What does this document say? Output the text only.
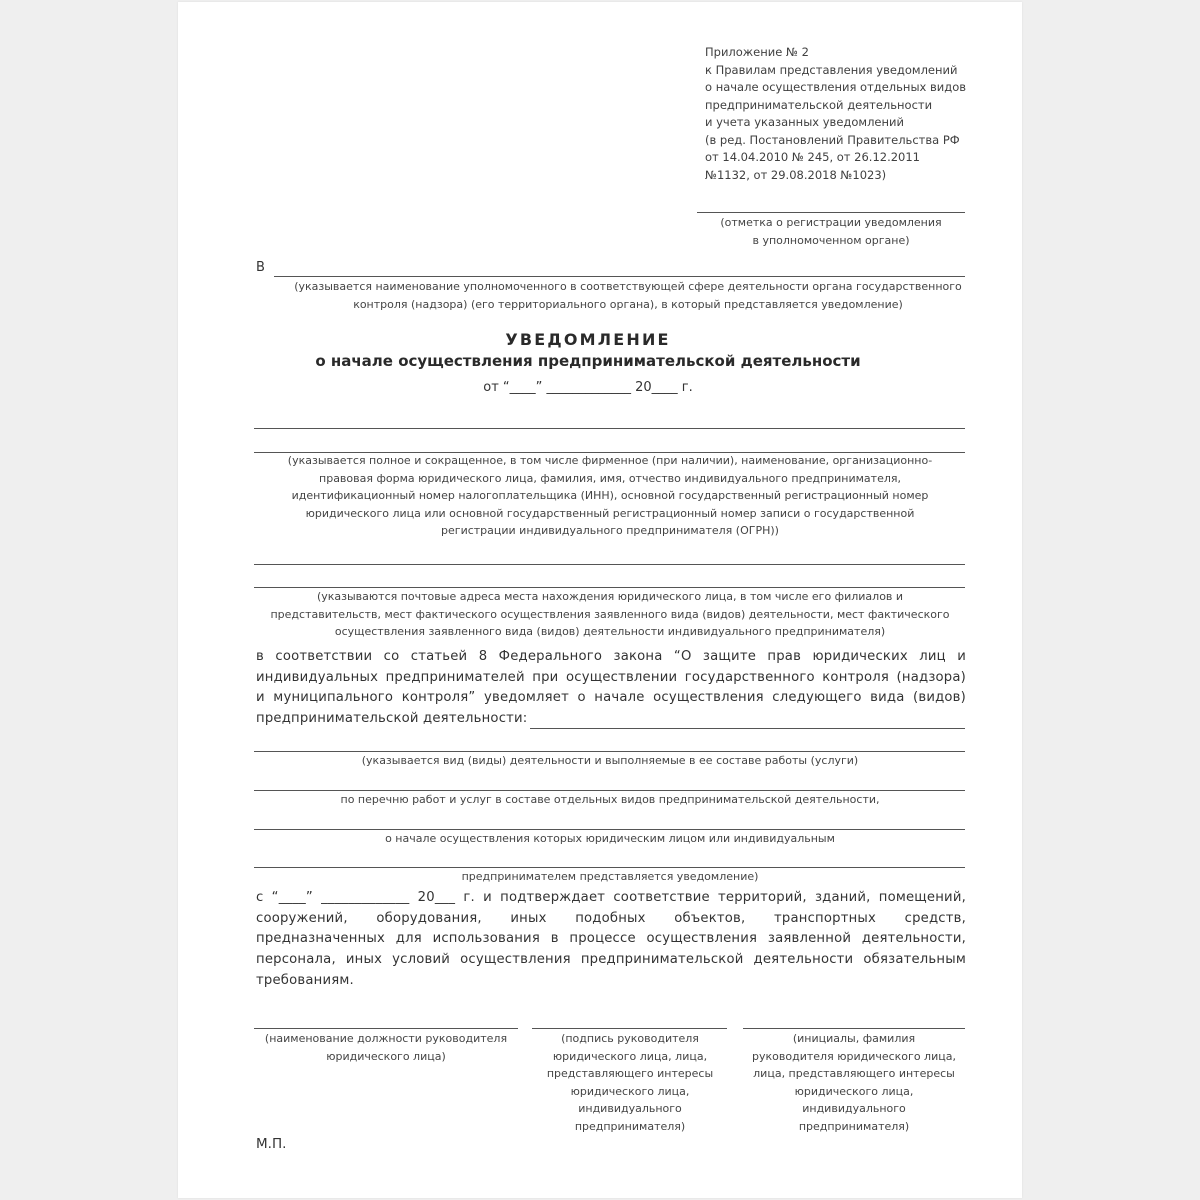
Приложение № 2
к Правилам представления уведомлений
о начале осуществления отдельных видов
предпринимательской деятельности
и учета указанных уведомлений
(в ред. Постановлений Правительства РФ
от 14.04.2010 № 245, от 26.12.2011
№1132, от 29.08.2018 №1023)
(отметка о регистрации уведомления
в уполномоченном органе)
В
(указывается наименование уполномоченного в соответствующей сфере деятельности органа государственного
контроля (надзора) (его территориального органа), в который представляется уведомление)
УВЕДОМЛЕНИЕ
о начале осуществления предпринимательской деятельности
от “____” _____________ 20____ г.
(указывается полное и сокращенное, в том числе фирменное (при наличии), наименование, организационно-
правовая форма юридического лица, фамилия, имя, отчество индивидуального предпринимателя,
идентификационный номер налогоплательщика (ИНН), основной государственный регистрационный номер
юридического лица или основной государственный регистрационный номер записи о государственной
регистрации индивидуального предпринимателя (ОГРН))
(указываются почтовые адреса места нахождения юридического лица, в том числе его филиалов и
представительств, мест фактического осуществления заявленного вида (видов) деятельности, мест фактического
осуществления заявленного вида (видов) деятельности индивидуального предпринимателя)
в соответствии со статьей 8 Федерального закона “О защите прав юридических лиц и
индивидуальных предпринимателей при осуществлении государственного контроля (надзора)
и муниципального контроля” уведомляет о начале осуществления следующего вида (видов)
предпринимательской деятельности:
(указывается вид (виды) деятельности и выполняемые в ее составе работы (услуги)
по перечню работ и услуг в составе отдельных видов предпринимательской деятельности,
о начале осуществления которых юридическим лицом или индивидуальным
предпринимателем представляется уведомление)
с “____” _____________ 20___ г. и подтверждает соответствие территорий, зданий, помещений,
сооружений, оборудования, иных подобных объектов, транспортных средств,
предназначенных для использования в процессе осуществления заявленной деятельности,
персонала, иных условий осуществления предпринимательской деятельности обязательным
требованиям.
(наименование должности руководителя
юридического лица)
(подпись руководителя
юридического лица, лица,
представляющего интересы
юридического лица,
индивидуального
предпринимателя)
(инициалы, фамилия
руководителя юридического лица,
лица, представляющего интересы
юридического лица,
индивидуального
предпринимателя)
М.П.
